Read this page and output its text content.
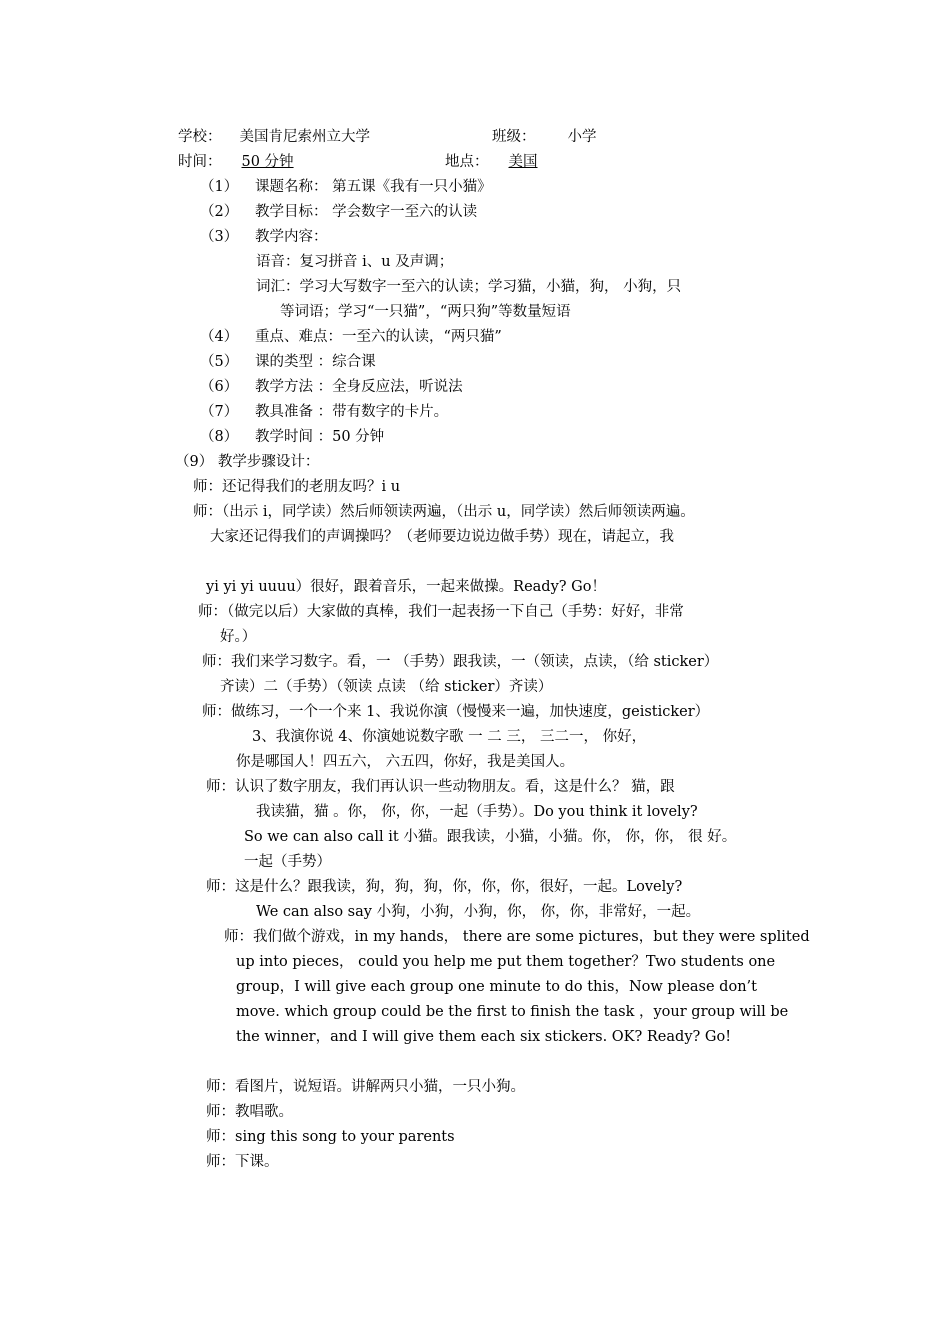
学校： 美国肯尼索州立大学	班级： 小学
时间： 50 分钟	地点： 美国
（1） 课题名称： 第五课《我有一只小猫》
（2） 教学目标： 学会数字一至六的认读
（3） 教学内容：
语音：复习拼音 i、u 及声调；
词汇：学习大写数字一至六的认读；学习猫，小猫，狗， 小狗，只
等词语；学习“一只猫”，“两只狗”等数量短语
（4） 重点、难点：一至六的认读，“两只猫”
（5） 课的类型 ：综合课
（6） 教学方法 ：全身反应法，听说法
（7） 教具准备 ：带有数字的卡片。
（8） 教学时间 ：50 分钟
（9） 教学步骤设计：
师：还记得我们的老朋友吗？i u
师：（出示 i，同学读）然后师领读两遍，（出示 u，同学读）然后师领读两遍。
大家还记得我们的声调操吗？（老师要边说边做手势）现在，请起立，我
yi yi yi uuuu）很好，跟着音乐，一起来做操。Ready? Go！
师：（做完以后）大家做的真棒，我们一起表扬一下自己（手势：好好，非常
好。）
师：我们来学习数字。看，一 （手势）跟我读，一（领读，点读，（给 sticker）
齐读）二（手势）（领读 点读 （给 sticker）齐读）
师：做练习，一个一个来 1、我说你演（慢慢来一遍，加快速度，geisticker）
3、我演你说 4、你演她说数字歌 一 二 三， 三二一， 你好，
你是哪国人！四五六， 六五四，你好，我是美国人。
师：认识了数字朋友，我们再认识一些动物朋友。看，这是什么？ 猫，跟
我读猫，猫 。你， 你，你，一起（手势）。Do you think it lovely?
So we can also call it 小猫。跟我读，小猫，小猫。你， 你，你， 很 好。
一起（手势）
师：这是什么？跟我读，狗，狗，狗，你，你，你，很好，一起。Lovely?
We can also say 小狗，小狗，小狗，你， 你，你，非常好，一起。
师：我们做个游戏，in my hands， there are some pictures，but they were splited
up into pieces， could you help me put them together？Two students one
group，I will give each group one minute to do this，Now please don’t
move. which group could be the first to finish the task ，your group will be
the winner，and I will give them each six stickers. OK? Ready? Go!
师：看图片，说短语。讲解两只小猫，一只小狗。
师：教唱歌。
师：sing this song to your parents
师：下课。
